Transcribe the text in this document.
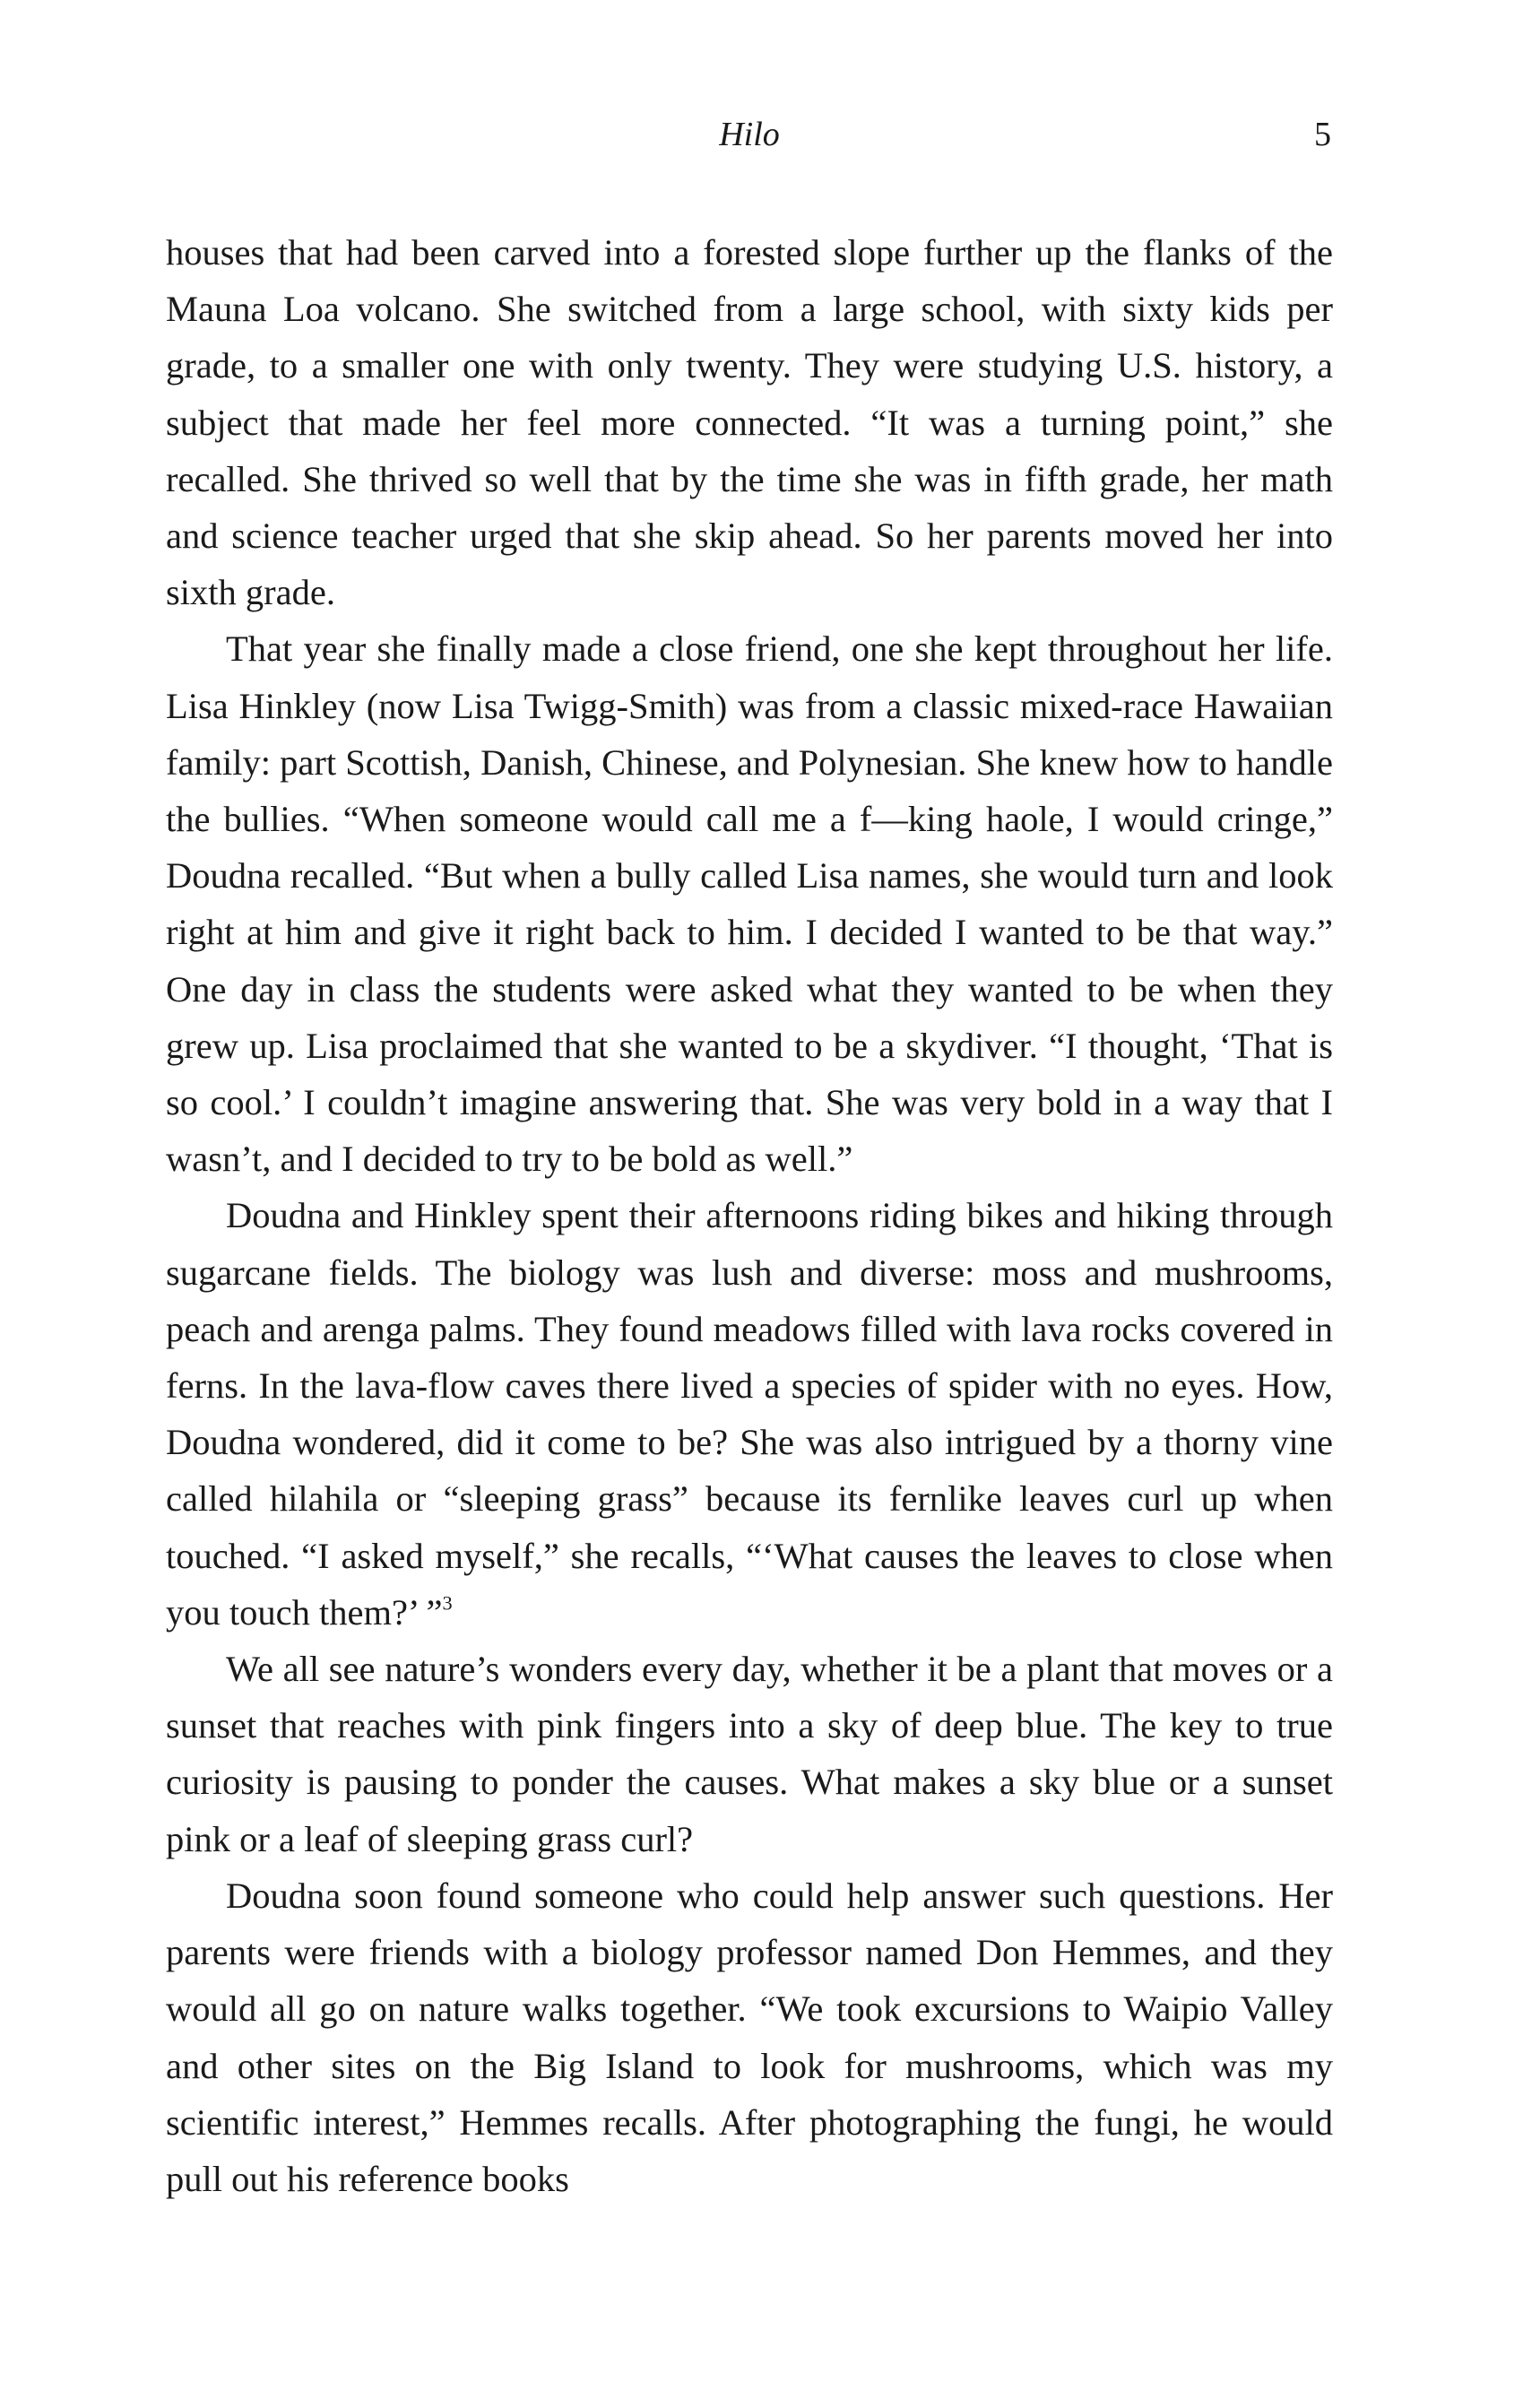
Hilo	5

houses that had been carved into a forested slope further up the flanks of the Mauna Loa volcano. She switched from a large school, with sixty kids per grade, to a smaller one with only twenty. They were studying U.S. history, a subject that made her feel more connected. “It was a turning point,” she recalled. She thrived so well that by the time she was in fifth grade, her math and science teacher urged that she skip ahead. So her parents moved her into sixth grade.

That year she finally made a close friend, one she kept throughout her life. Lisa Hinkley (now Lisa Twigg-Smith) was from a classic mixed-race Hawaiian family: part Scottish, Danish, Chinese, and Polynesian. She knew how to handle the bullies. “When someone would call me a f—king haole, I would cringe,” Doudna recalled. “But when a bully called Lisa names, she would turn and look right at him and give it right back to him. I decided I wanted to be that way.” One day in class the students were asked what they wanted to be when they grew up. Lisa proclaimed that she wanted to be a skydiver. “I thought, ‘That is so cool.’ I couldn’t imagine answering that. She was very bold in a way that I wasn’t, and I decided to try to be bold as well.”

Doudna and Hinkley spent their afternoons riding bikes and hiking through sugarcane fields. The biology was lush and diverse: moss and mushrooms, peach and arenga palms. They found meadows filled with lava rocks covered in ferns. In the lava-flow caves there lived a species of spider with no eyes. How, Doudna wondered, did it come to be? She was also intrigued by a thorny vine called hilahila or “sleeping grass” because its fernlike leaves curl up when touched. “I asked myself,” she recalls, “‘What causes the leaves to close when you touch them?’ ”$^3$

We all see nature’s wonders every day, whether it be a plant that moves or a sunset that reaches with pink fingers into a sky of deep blue. The key to true curiosity is pausing to ponder the causes. What makes a sky blue or a sunset pink or a leaf of sleeping grass curl?

Doudna soon found someone who could help answer such questions. Her parents were friends with a biology professor named Don Hemmes, and they would all go on nature walks together. “We took excursions to Waipio Valley and other sites on the Big Island to look for mushrooms, which was my scientific interest,” Hemmes recalls. After photographing the fungi, he would pull out his reference books
